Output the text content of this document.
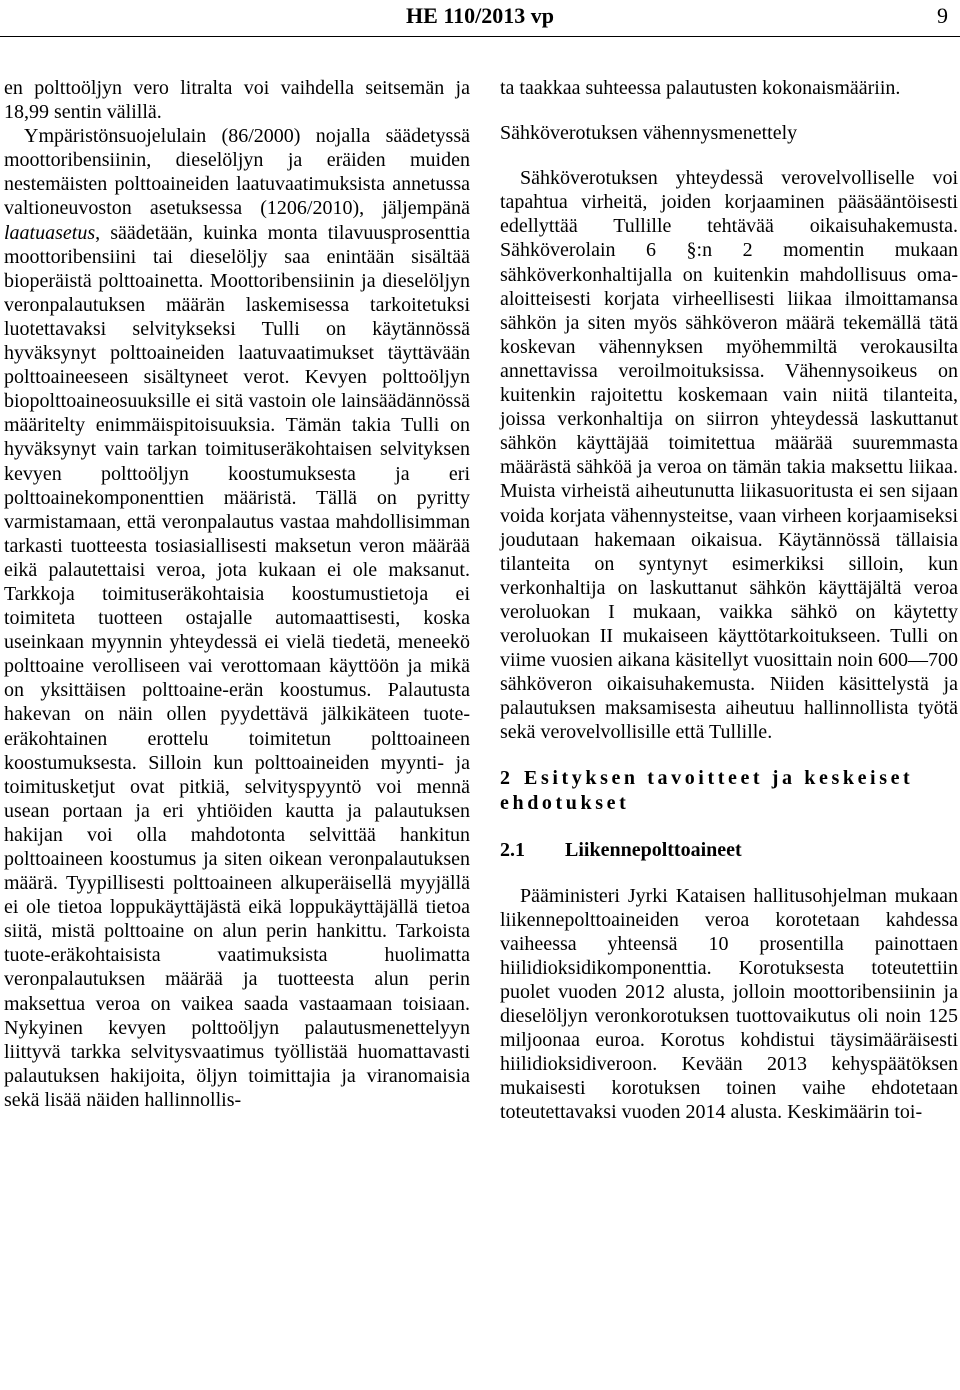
HE 110/2013 vp	9

en polttoöljyn vero litralta voi vaihdella seitsemän ja 18,99 sentin välillä.

Ympäristönsuojelulain (86/2000) nojalla säädetyssä moottoribensiinin, dieselöljyn ja eräiden muiden nestemäisten polttoaineiden laatuvaatimuksista annetussa valtioneuvoston asetuksessa (1206/2010), jäljempänä laatuasetus, säädetään, kuinka monta tilavuusprosenttia moottoribensiini tai dieselöljy saa enintään sisältää bioperäistä polttoainetta. Moottoribensiinin ja dieselöljyn veronpalautuksen määrän laskemisessa tarkoitetuksi luotettavaksi selvitykseksi Tulli on käytännössä hyväksynyt polttoaineiden laatuvaatimukset täyttävään polttoaineeseen sisältyneet verot. Kevyen polttoöljyn biopolttoaineosuuksille ei sitä vastoin ole lainsäädännössä määritelty enimmäispitoisuuksia. Tämän takia Tulli on hyväksynyt vain tarkan toimituseräkohtaisen selvityksen kevyen polttoöljyn koostumuksesta ja eri polttoainekomponenttien määristä. Tällä on pyritty varmistamaan, että veronpalautus vastaa mahdollisimman tarkasti tuotteesta tosiasiallisesti maksetun veron määrää eikä palautettaisi veroa, jota kukaan ei ole maksanut. Tarkkoja toimituseräkohtaisia koostumustietoja ei toimiteta tuotteen ostajalle automaattisesti, koska useinkaan myynnin yhteydessä ei vielä tiedetä, meneekö polttoaine verolliseen vai verottomaan käyttöön ja mikä on yksittäisen polttoaine-erän koostumus. Palautusta hakevan on näin ollen pyydettävä jälkikäteen tuote-eräkohtainen erottelu toimitetun polttoaineen koostumuksesta. Silloin kun polttoaineiden myynti- ja toimitusketjut ovat pitkiä, selvityspyyntö voi mennä usean portaan ja eri yhtiöiden kautta ja palautuksen hakijan voi olla mahdotonta selvittää hankitun polttoaineen koostumus ja siten oikean veronpalautuksen määrä. Tyypillisesti polttoaineen alkuperäisellä myyjällä ei ole tietoa loppukäyttäjästä eikä loppukäyttäjällä tietoa siitä, mistä polttoaine on alun perin hankittu. Tarkoista tuote-eräkohtaisista vaatimuksista huolimatta veronpalautuksen määrää ja tuotteesta alun perin maksettua veroa on vaikea saada vastaamaan toisiaan. Nykyinen kevyen polttoöljyn palautusmenettelyyn liittyvä tarkka selvitysvaatimus työllistää huomattavasti palautuksen hakijoita, öljyn toimittajia ja viranomaisia sekä lisää näiden hallinnollis-

ta taakkaa suhteessa palautusten kokonaismääriin.

Sähköverotuksen vähennysmenettely

Sähköverotuksen yhteydessä verovelvolliselle voi tapahtua virheitä, joiden korjaaminen pääsääntöisesti edellyttää Tullille tehtävää oikaisuhakemusta. Sähköverolain 6 §:n 2 momentin mukaan sähköverkonhaltijalla on kuitenkin mahdollisuus oma-aloitteisesti korjata virheellisesti liikaa ilmoittamansa sähkön ja siten myös sähköveron määrä tekemällä tätä koskevan vähennyksen myöhemmiltä verokausilta annettavissa veroilmoituksissa. Vähennysoikeus on kuitenkin rajoitettu koskemaan vain niitä tilanteita, joissa verkonhaltija on siirron yhteydessä laskuttanut sähkön käyttäjää toimitettua määrää suuremmasta määrästä sähköä ja veroa on tämän takia maksettu liikaa. Muista virheistä aiheutunutta liikasuoritusta ei sen sijaan voida korjata vähennysteitse, vaan virheen korjaamiseksi joudutaan hakemaan oikaisua. Käytännössä tällaisia tilanteita on syntynyt esimerkiksi silloin, kun verkonhaltija on laskuttanut sähkön käyttäjältä veroa veroluokan I mukaan, vaikka sähkö on käytetty veroluokan II mukaiseen käyttötarkoitukseen. Tulli on viime vuosien aikana käsitellyt vuosittain noin 600—700 sähköveron oikaisuhakemusta. Niiden käsittelystä ja palautuksen maksamisesta aiheutuu hallinnollista työtä sekä verovelvollisille että Tullille.

2 Esityksen tavoitteet ja keskeiset ehdotukset

2.1 Liikennepolttoaineet

Pääministeri Jyrki Kataisen hallitusohjelman mukaan liikennepolttoaineiden veroa korotetaan kahdessa vaiheessa yhteensä 10 prosentilla painottaen hiilidioksidikomponenttia. Korotuksesta toteutettiin puolet vuoden 2012 alusta, jolloin moottoribensiinin ja dieselöljyn veronkorotuksen tuottovaikutus oli noin 125 miljoonaa euroa. Korotus kohdistui täysimääräisesti hiilidioksidiveroon. Kevään 2013 kehyspäätöksen mukaisesti korotuksen toinen vaihe ehdotetaan toteutettavaksi vuoden 2014 alusta. Keskimäärin toi-
